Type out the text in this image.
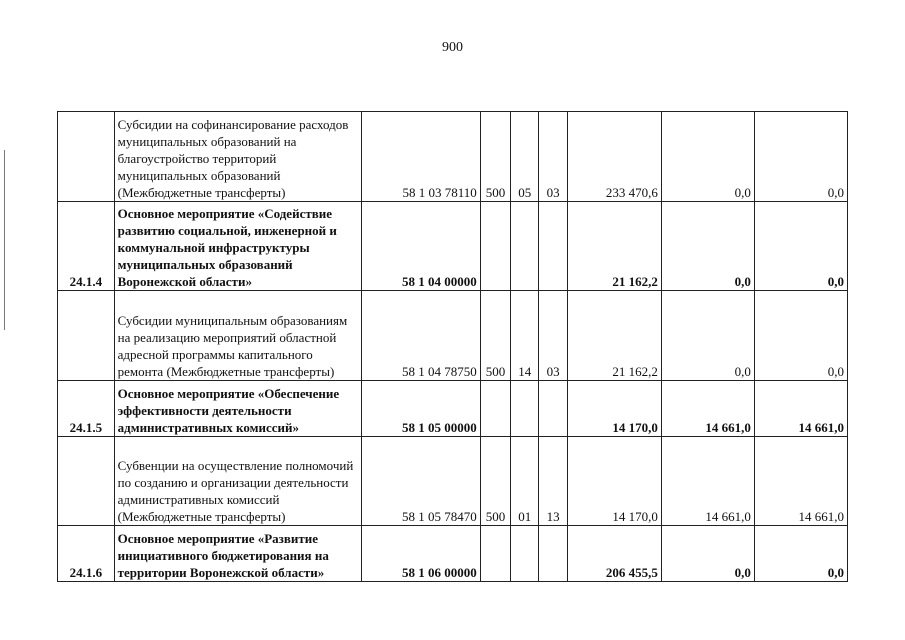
900
	Субсидии на софинансирование расходов муниципальных образований на благоустройство территорий муниципальных образований (Межбюджетные трансферты)	58 1 03 78110	500	05	03	233 470,6	0,0	0,0
24.1.4	Основное мероприятие «Содействие развитию социальной, инженерной и коммунальной инфраструктуры муниципальных образований Воронежской области»	58 1 04 00000				21 162,2	0,0	0,0
	Субсидии муниципальным образованиям на реализацию мероприятий областной адресной программы капитального ремонта (Межбюджетные трансферты)	58 1 04 78750	500	14	03	21 162,2	0,0	0,0
24.1.5	Основное мероприятие «Обеспечение эффективности деятельности административных комиссий»	58 1 05 00000				14 170,0	14 661,0	14 661,0
	Субвенции на осуществление полномочий по созданию и организации деятельности административных комиссий (Межбюджетные трансферты)	58 1 05 78470	500	01	13	14 170,0	14 661,0	14 661,0
24.1.6	Основное мероприятие «Развитие инициативного бюджетирования на территории Воронежской области»	58 1 06 00000				206 455,5	0,0	0,0
